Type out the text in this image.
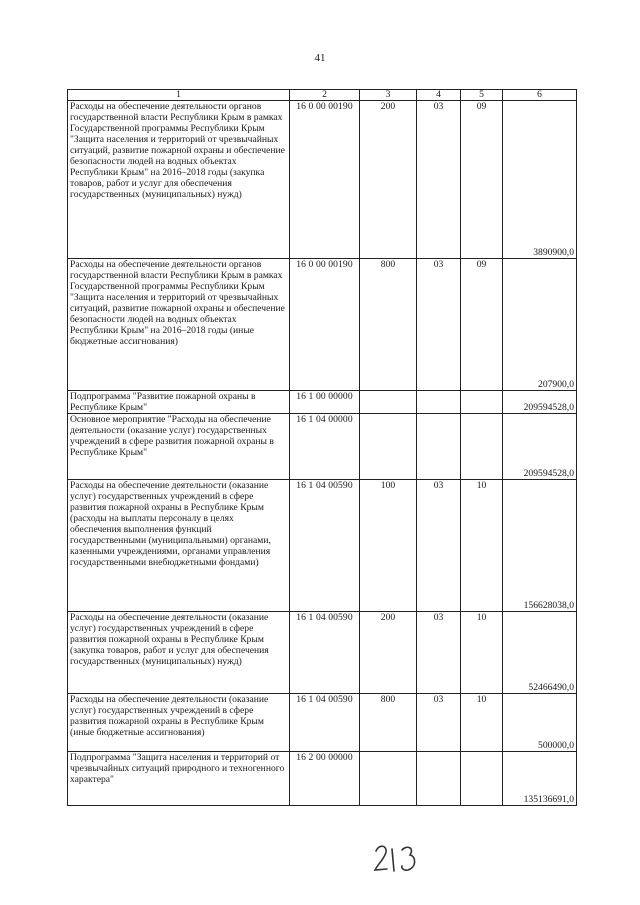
41
1	2	3	4	5	6
Расходы на обеспечение деятельности органов государственной власти Республики Крым в рамках Государственной программы Республики Крым "Защита населения и территорий от чрезвычайных ситуаций, развитие пожарной охраны и обеспечение безопасности людей на водных объектах Республики Крым" на 2016–2018 годы (закупка товаров, работ и услуг для обеспечения государственных (муниципальных) нужд)	16 0 00 00190	200	03	09	3890900,0
Расходы на обеспечение деятельности органов государственной власти Республики Крым в рамках Государственной программы Республики Крым "Защита населения и территорий от чрезвычайных ситуаций, развитие пожарной охраны и обеспечение безопасности людей на водных объектах Республики Крым" на 2016–2018 годы (иные бюджетные ассигнования)	16 0 00 00190	800	03	09	207900,0
Подпрограмма "Развитие пожарной охраны в Республике Крым"	16 1 00 00000				209594528,0
Основное мероприятие "Расходы на обеспечение деятельности (оказание услуг) государственных учреждений в сфере развития пожарной охраны в Республике Крым"	16 1 04 00000				209594528,0
Расходы на обеспечение деятельности (оказание услуг) государственных учреждений в сфере развития пожарной охраны в Республике Крым (расходы на выплаты персоналу в целях обеспечения выполнения функций государственными (муниципальными) органами, казенными учреждениями, органами управления государственными внебюджетными фондами)	16 1 04 00590	100	03	10	156628038,0
Расходы на обеспечение деятельности (оказание услуг) государственных учреждений в сфере развития пожарной охраны в Республике Крым (закупка товаров, работ и услуг для обеспечения государственных (муниципальных) нужд)	16 1 04 00590	200	03	10	52466490,0
Расходы на обеспечение деятельности (оказание услуг) государственных учреждений в сфере развития пожарной охраны в Республике Крым (иные бюджетные ассигнования)	16 1 04 00590	800	03	10	500000,0
Подпрограмма "Защита населения и территорий от чрезвычайных ситуаций природного и техногенного характера"	16 2 00 00000				135136691,0
